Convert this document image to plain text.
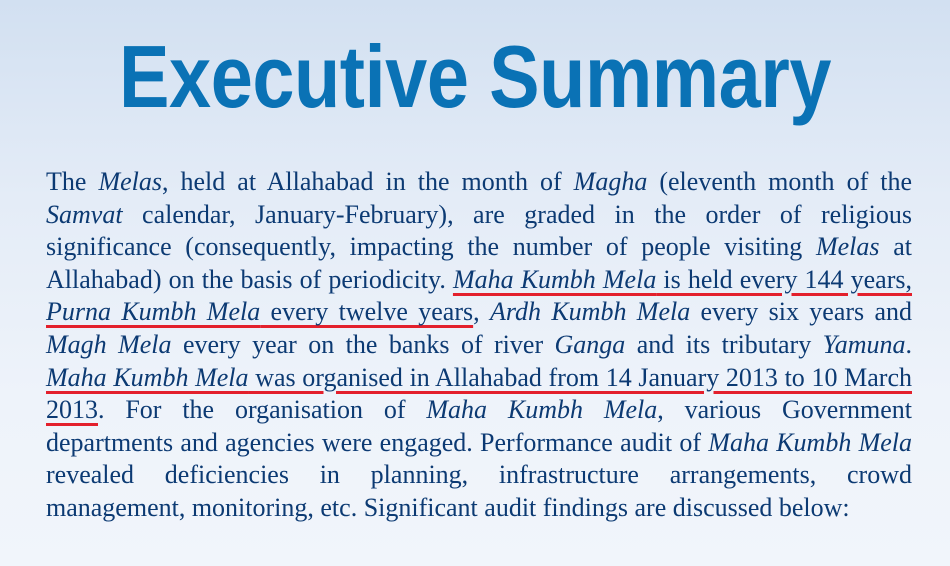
Executive Summary

The Melas, held at Allahabad in the month of Magha (eleventh month of the Samvat calendar, January-February), are graded in the order of religious significance (consequently, impacting the number of people visiting Melas at Allahabad) on the basis of periodicity. Maha Kumbh Mela is held every 144 years, Purna Kumbh Mela every twelve years, Ardh Kumbh Mela every six years and Magh Mela every year on the banks of river Ganga and its tributary Yamuna. Maha Kumbh Mela was organised in Allahabad from 14 January 2013 to 10 March 2013. For the organisation of Maha Kumbh Mela, various Government departments and agencies were engaged. Performance audit of Maha Kumbh Mela revealed deficiencies in planning, infrastructure arrangements, crowd management, monitoring, etc. Significant audit findings are discussed below:
